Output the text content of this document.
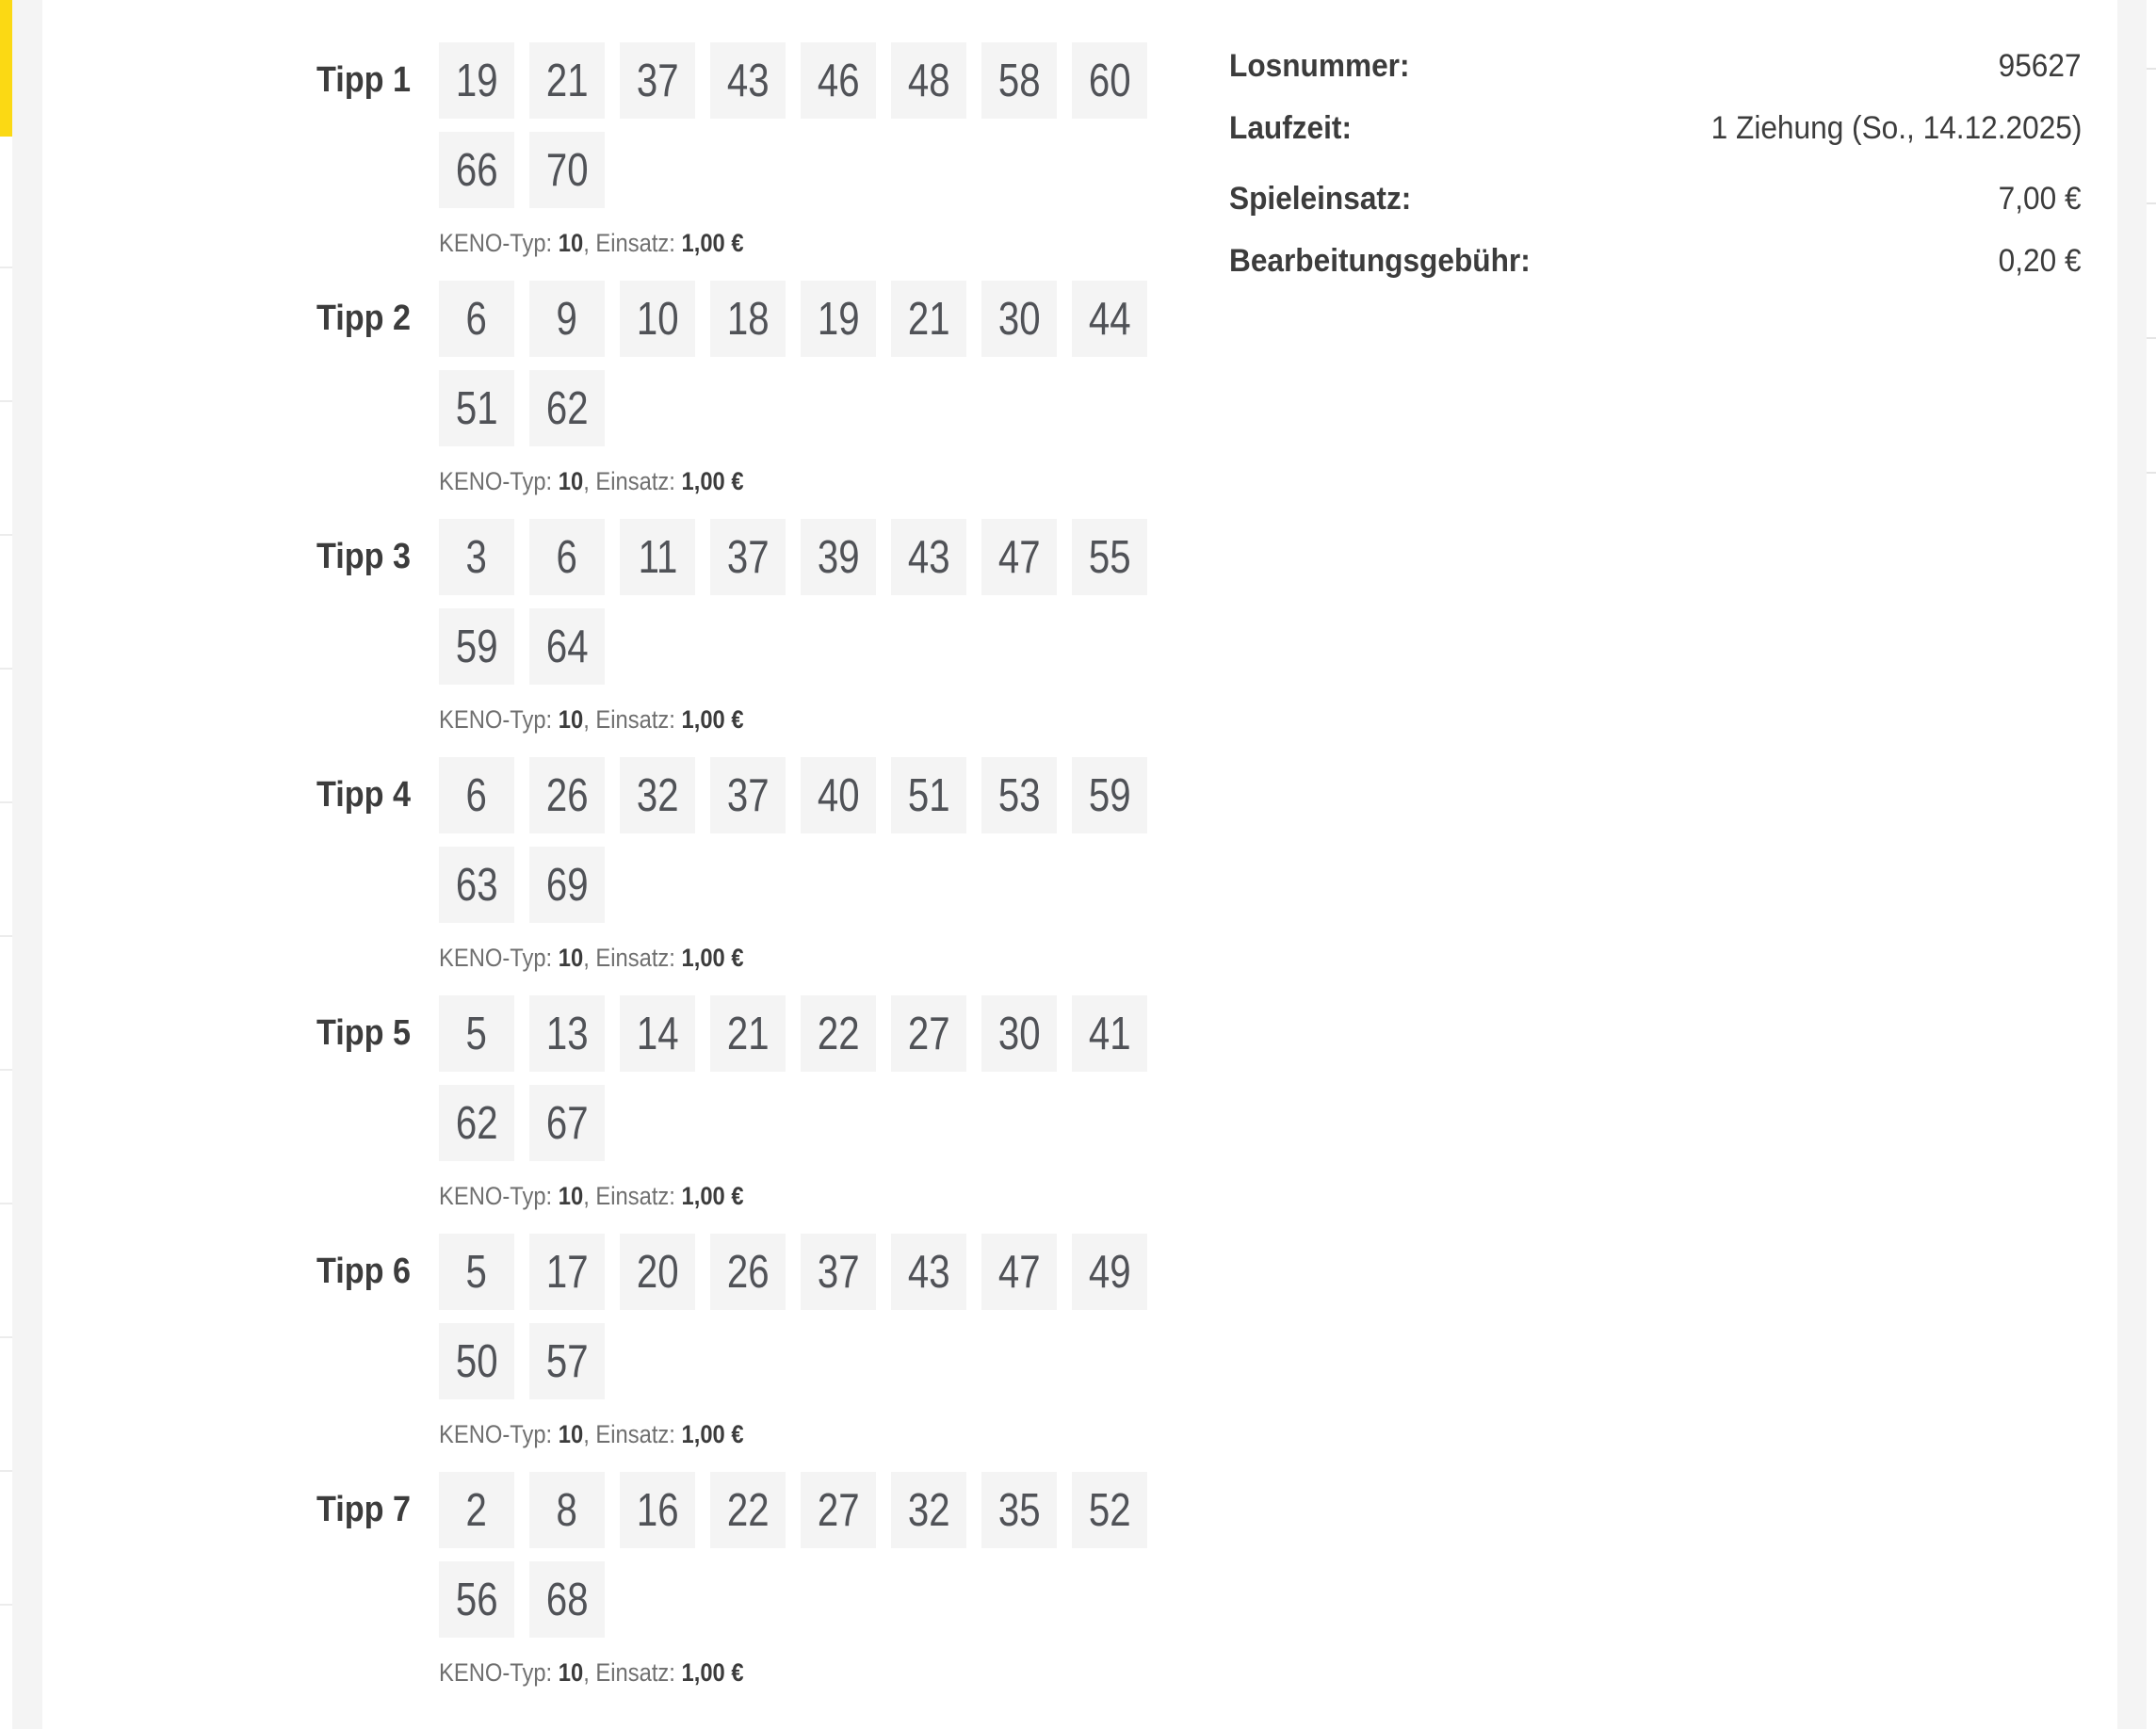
Tipp 1 19 21 37 43 46 48 58 60
66 70
KENO-Typ: 10, Einsatz: 1,00 €
Tipp 2	6 9 10 18 19 21 30 44
51 62
KENO-Typ: 10, Einsatz: 1,00 €
Tipp 3	3 6 11 37 39 43 47 55
59 64
KENO-Typ: 10, Einsatz: 1,00 €
Tipp 4	6 26 32 37 40 51 53 59
63 69
KENO-Typ: 10, Einsatz: 1,00 €
Tipp 5	5 13 14 21 22 27 30 41
62 67
KENO-Typ: 10, Einsatz: 1,00 €
Tipp 6	5 17 20 26 37 43 47 49
50 57
KENO-Typ: 10, Einsatz: 1,00 €
Tipp 7	2 8 16 22 27 32 35 52
56 68
KENO-Typ: 10, Einsatz: 1,00 €
Losnummer:	95627
Laufzeit:	1 Ziehung (So., 14.12.2025)
Spieleinsatz:	7,00 €
Bearbeitungsgebühr:	0,20 €
